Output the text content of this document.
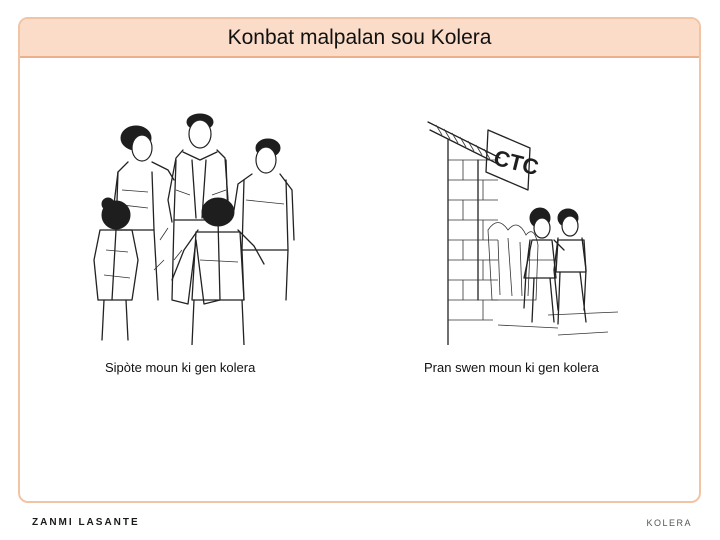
Konbat malpalan sou Kolera
CTC
Sipòte moun ki gen kolera	Pran swen moun ki gen kolera
ZANMI LASANTE	KOLERA
